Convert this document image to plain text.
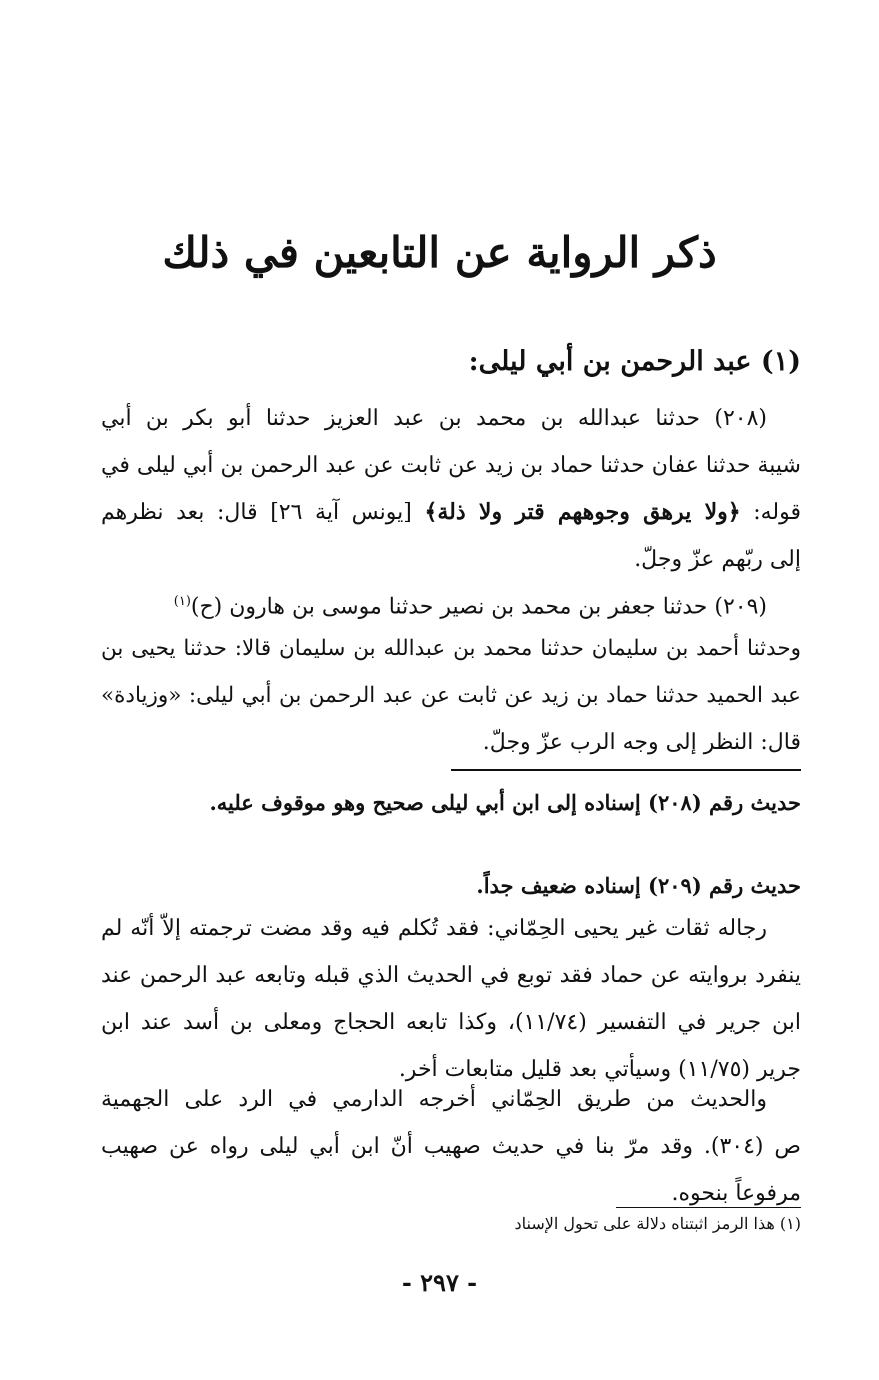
ذكر الرواية عن التابعين في ذلك
(١) عبد الرحمن بن أبي ليلى:
(٢٠٨) حدثنا عبدالله بن محمد بن عبد العزيز حدثنا أبو بكر بن أبي
شيبة حدثنا عفان حدثنا حماد بن زيد عن ثابت عن عبد الرحمن بن أبي ليلى في
قوله: ﴿ولا يرهق وجوههم قتر ولا ذلة﴾ [يونس آية ٢٦] قال: بعد نظرهم
إلى ربّهم عزّ وجلّ.
(٢٠٩) حدثنا جعفر بن محمد بن نصير حدثنا موسى بن هارون (ح)$^{(١)}$
وحدثنا أحمد بن سليمان حدثنا محمد بن عبدالله بن سليمان قالا: حدثنا يحيى بن
عبد الحميد حدثنا حماد بن زيد عن ثابت عن عبد الرحمن بن أبي ليلى: «وزيادة»
قال: النظر إلى وجه الرب عزّ وجلّ.
حديث رقم (٢٠٨) إسناده إلى ابن أبي ليلى صحيح وهو موقوف عليه.
حديث رقم (٢٠٩) إسناده ضعيف جداً.
رجاله ثقات غير يحيى الحِمّاني: فقد تُكلم فيه وقد مضت ترجمته إلاّ أنّه لم
ينفرد بروايته عن حماد فقد توبع في الحديث الذي قبله وتابعه عبد الرحمن عند
ابن جرير في التفسير (١١/٧٤)، وكذا تابعه الحجاج ومعلى بن أسد عند ابن
جرير (١١/٧٥) وسيأتي بعد قليل متابعات أخر.
والحديث من طريق الحِمّاني أخرجه الدارمي في الرد على الجهمية
ص (٣٠٤). وقد مرّ بنا في حديث صهيب أنّ ابن أبي ليلى رواه عن صهيب
مرفوعاً بنحوه.
(١) هذا الرمز اثبتناه دلالة على تحول الإسناد
- ٢٩٧ -
